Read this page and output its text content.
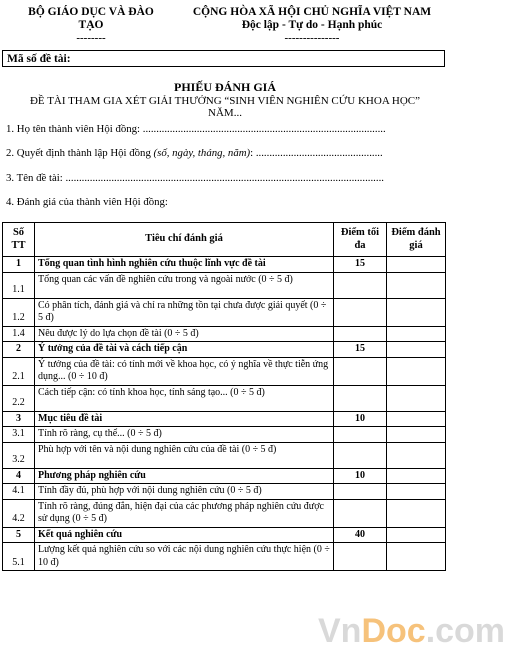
BỘ GIÁO DỤC VÀ ĐÀO
TẠO
--------
CỘNG HÒA XÃ HỘI CHỦ NGHĨA VIỆT NAM
Độc lập - Tự do - Hạnh phúc
---------------
Mã số đề tài:
PHIẾU ĐÁNH GIÁ
ĐỀ TÀI THAM GIA XÉT GIẢI THƯỞNG “SINH VIÊN NGHIÊN CỨU KHOA HỌC”
NĂM...
1. Họ tên thành viên Hội đồng: ..........................................................................................
2. Quyết định thành lập Hội đồng (số, ngày, tháng, năm): ...............................................
3. Tên đề tài: ......................................................................................................................
4. Đánh giá của thành viên Hội đồng:
Số TT	Tiêu chí đánh giá	Điểm tối đa	Điểm đánh giá
1	Tổng quan tình hình nghiên cứu thuộc lĩnh vực đề tài	15	
1.1	Tổng quan các vấn đề nghiên cứu trong và ngoài nước (0 ÷ 5 đ)		
1.2	Có phân tích, đánh giá và chỉ ra những tồn tại chưa được giải quyết (0 ÷ 5 đ)		
1.4	Nêu được lý do lựa chọn đề tài (0 ÷ 5 đ)		
2	Ý tưởng của đề tài và cách tiếp cận	15	
2.1	Ý tưởng của đề tài: có tính mới về khoa học, có ý nghĩa về thực tiễn ứng dụng... (0 ÷ 10 đ)		
2.2	Cách tiếp cận: có tính khoa học, tính sáng tạo... (0 ÷ 5 đ)		
3	Mục tiêu đề tài	10	
3.1	Tính rõ ràng, cụ thể... (0 ÷ 5 đ)		
3.2	Phù hợp với tên và nội dung nghiên cứu của đề tài (0 ÷ 5 đ)		
4	Phương pháp nghiên cứu	10	
4.1	Tính đầy đủ, phù hợp với nội dung nghiên cứu (0 ÷ 5 đ)		
4.2	Tính rõ ràng, đúng đắn, hiện đại của các phương pháp nghiên cứu được sử dụng (0 ÷ 5 đ)		
5	Kết quả nghiên cứu	40	
5.1	Lượng kết quả nghiên cứu so với các nội dung nghiên cứu thực hiện (0 ÷ 10 đ)		
VnDoc.com
